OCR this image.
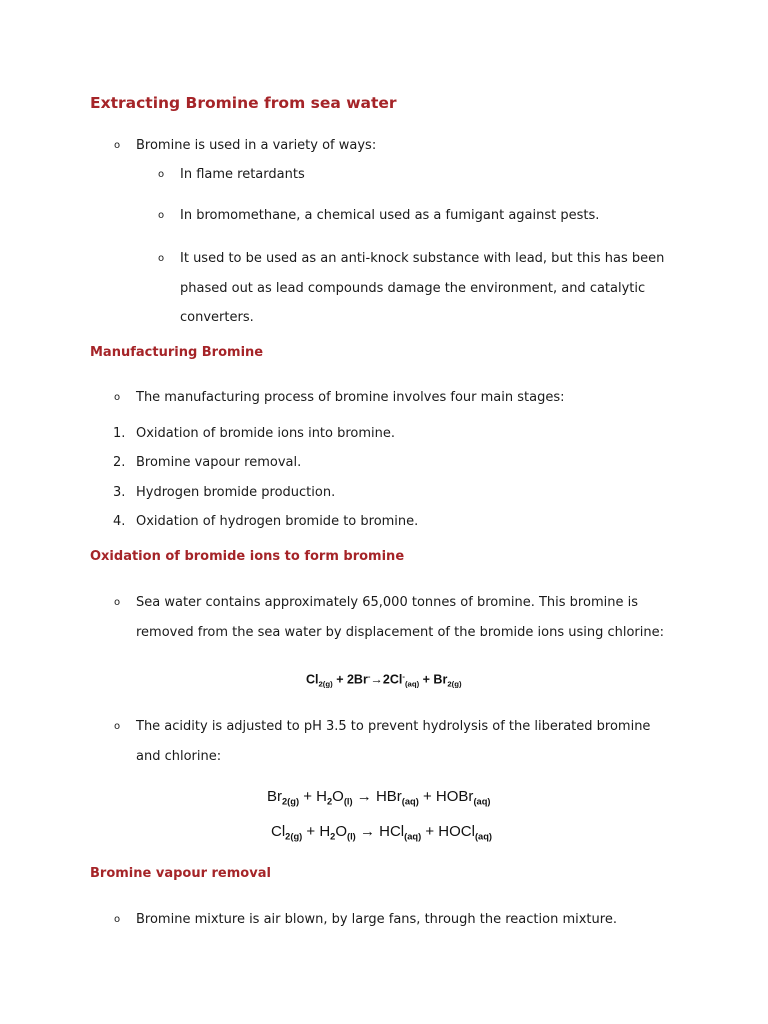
Extracting Bromine from sea water
o Bromine is used in a variety of ways:
o In flame retardants
o In bromomethane, a chemical used as a fumigant against pests.
o It used to be used as an anti-knock substance with lead, but this has been
phased out as lead compounds damage the environment, and catalytic
converters.
Manufacturing Bromine
o The manufacturing process of bromine involves four main stages:
1. Oxidation of bromide ions into bromine.
2. Bromine vapour removal.
3. Hydrogen bromide production.
4. Oxidation of hydrogen bromide to bromine.
Oxidation of bromide ions to form bromine
o Sea water contains approximately 65,000 tonnes of bromine. This bromine is
removed from the sea water by displacement of the bromide ions using chlorine:
$Cl_{2(g)} + 2Br^-\to 2Cl^-_{(aq)} + Br_{2(g)}$
o The acidity is adjusted to pH 3.5 to prevent hydrolysis of the liberated bromine
and chlorine:
$Br_{2(g)} + H_2O_{(l)} \to HBr_{(aq)}$ + HOBr$_{(aq)}$
$Cl_{2(g)} + H_2O_{(l)} \to HCl_{(aq)}$ + HOCl$_{(aq)}$
Bromine vapour removal
o Bromine mixture is air blown, by large fans, through the reaction mixture.
